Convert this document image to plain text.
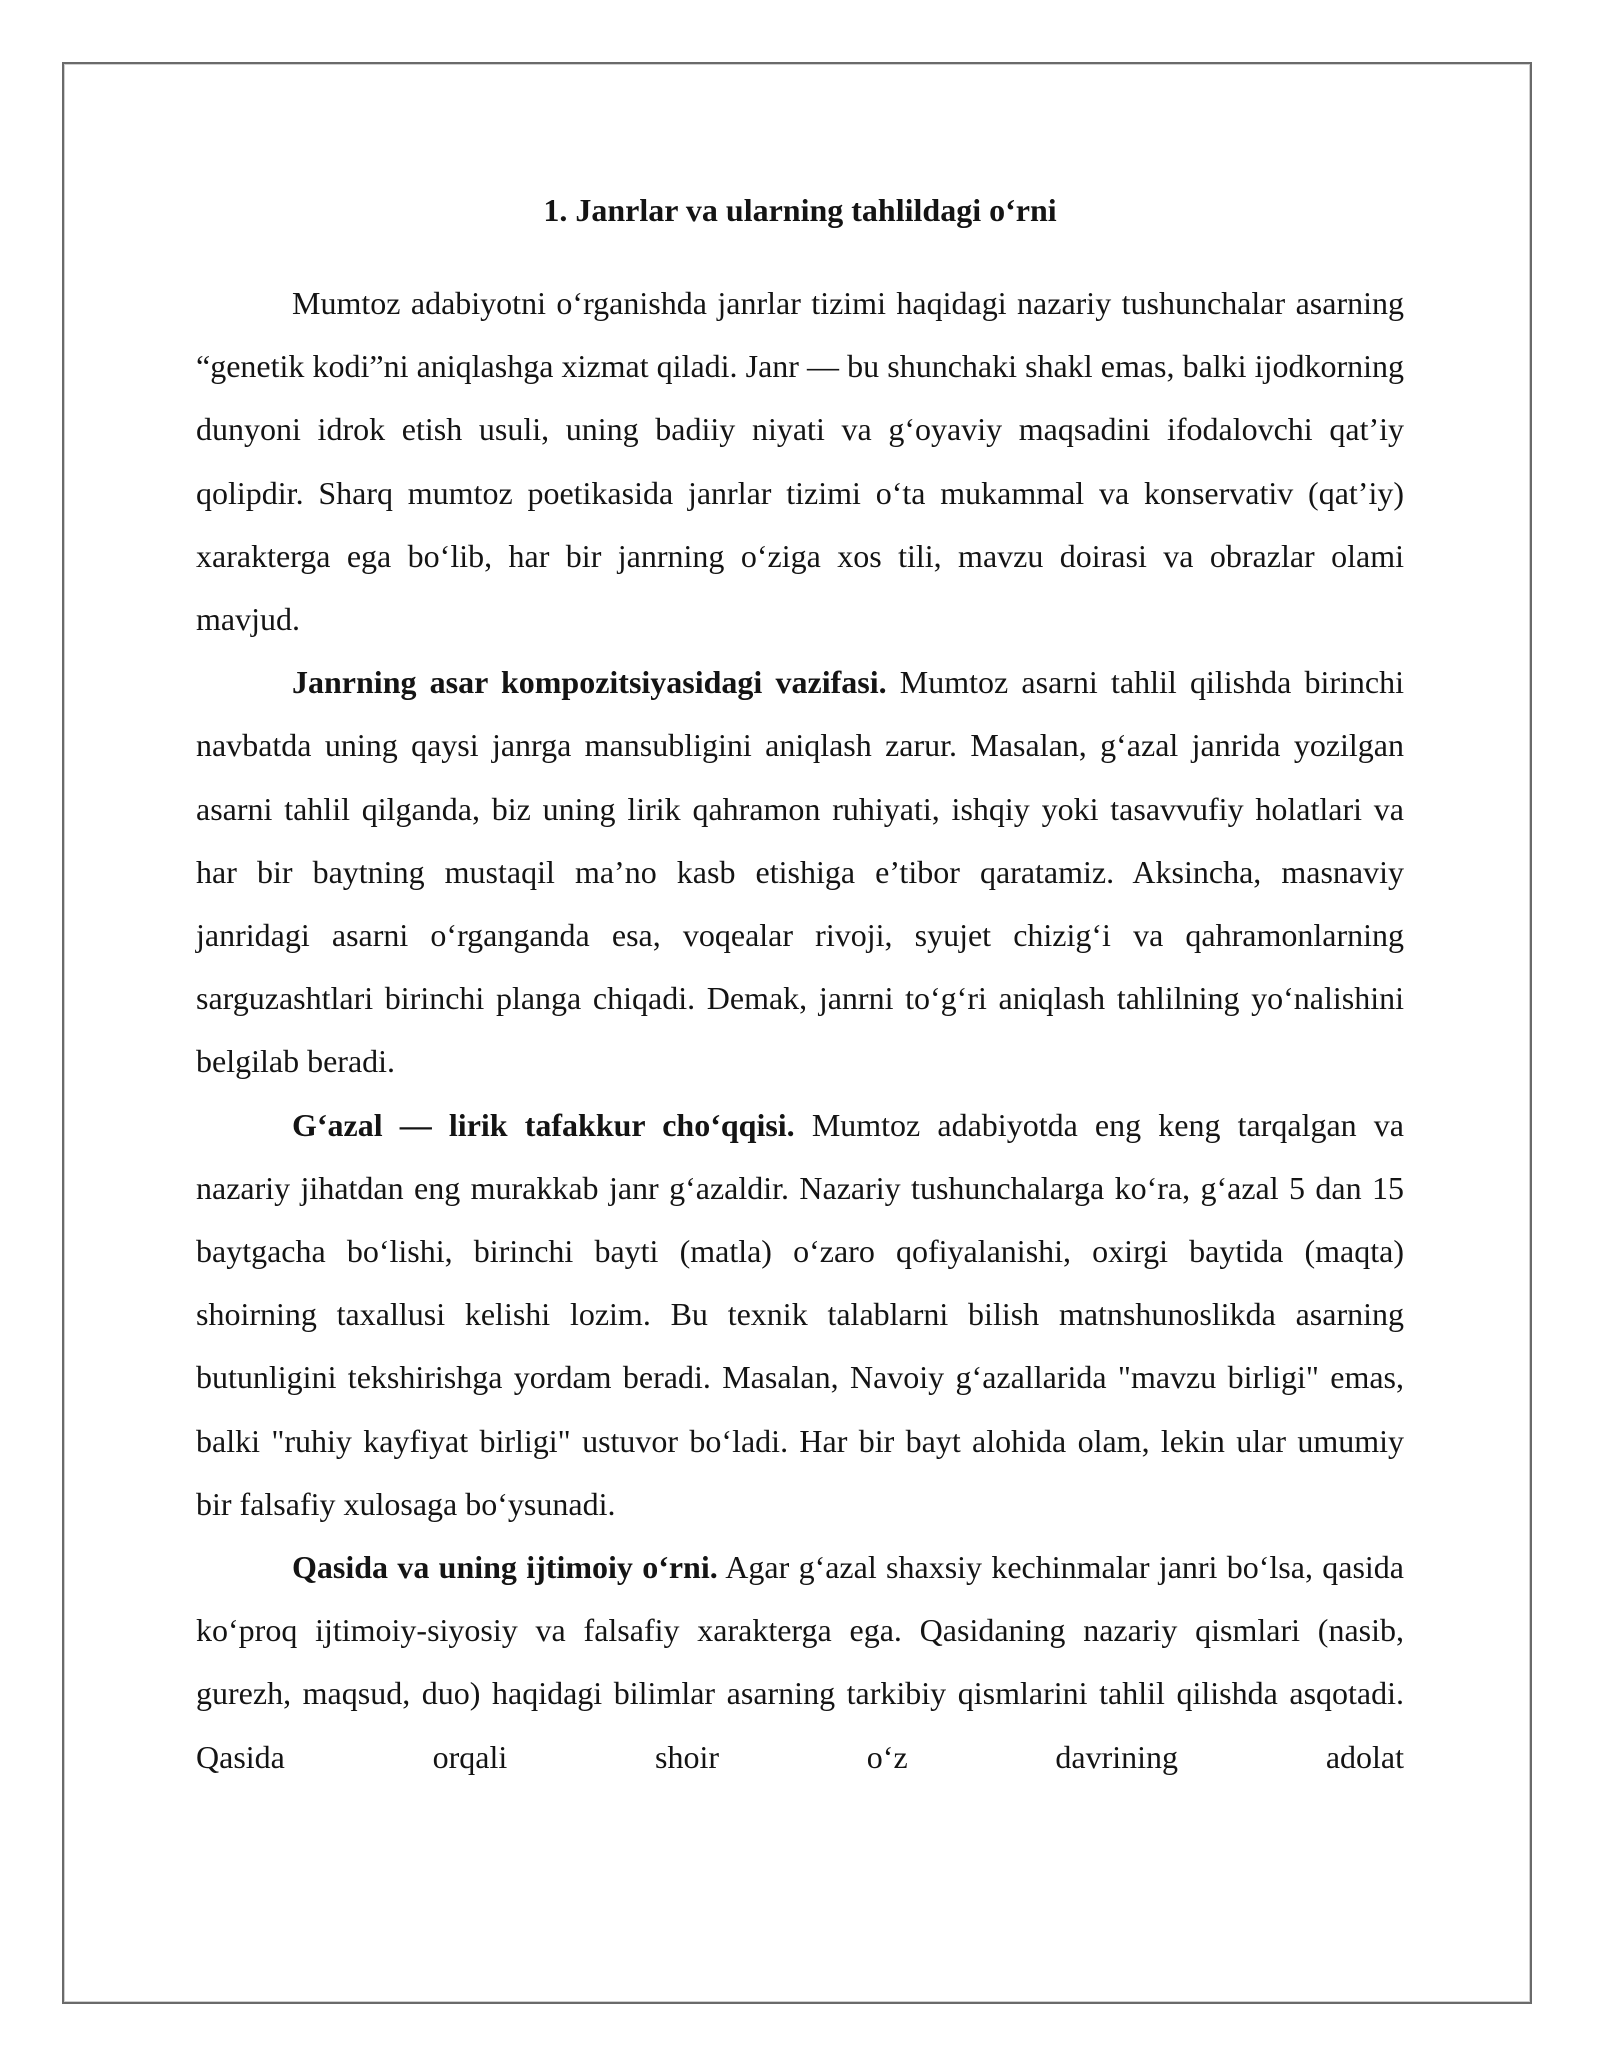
1. Janrlar va ularning tahlildagi o‘rni

Mumtoz adabiyotni o‘rganishda janrlar tizimi haqidagi nazariy tushunchalar asarning “genetik kodi”ni aniqlashga xizmat qiladi. Janr — bu shunchaki shakl emas, balki ijodkorning dunyoni idrok etish usuli, uning badiiy niyati va g‘oyaviy maqsadini ifodalovchi qat’iy qolipdir. Sharq mumtoz poetikasida janrlar tizimi o‘ta mukammal va konservativ (qat’iy) xarakterga ega bo‘lib, har bir janrning o‘ziga xos tili, mavzu doirasi va obrazlar olami mavjud.

Janrning asar kompozitsiyasidagi vazifasi. Mumtoz asarni tahlil qilishda birinchi navbatda uning qaysi janrga mansubligini aniqlash zarur. Masalan, g‘azal janrida yozilgan asarni tahlil qilganda, biz uning lirik qahramon ruhiyati, ishqiy yoki tasavvufiy holatlari va har bir baytning mustaqil ma’no kasb etishiga e’tibor qaratamiz. Aksincha, masnaviy janridagi asarni o‘rganganda esa, voqealar rivoji, syujet chizig‘i va qahramonlarning sarguzashtlari birinchi planga chiqadi. Demak, janrni to‘g‘ri aniqlash tahlilning yo‘nalishini belgilab beradi.

G‘azal — lirik tafakkur cho‘qqisi. Mumtoz adabiyotda eng keng tarqalgan va nazariy jihatdan eng murakkab janr g‘azaldir. Nazariy tushunchalarga ko‘ra, g‘azal 5 dan 15 baytgacha bo‘lishi, birinchi bayti (matla) o‘zaro qofiyalanishi, oxirgi baytida (maqta) shoirning taxallusi kelishi lozim. Bu texnik talablarni bilish matnshunoslikda asarning butunligini tekshirishga yordam beradi. Masalan, Navoiy g‘azallarida "mavzu birligi" emas, balki "ruhiy kayfiyat birligi" ustuvor bo‘ladi. Har bir bayt alohida olam, lekin ular umumiy bir falsafiy xulosaga bo‘ysunadi.

Qasida va uning ijtimoiy o‘rni. Agar g‘azal shaxsiy kechinmalar janri bo‘lsa, qasida ko‘proq ijtimoiy-siyosiy va falsafiy xarakterga ega. Qasidaning nazariy qismlari (nasib, gurezh, maqsud, duo) haqidagi bilimlar asarning tarkibiy qismlarini tahlil qilishda asqotadi. Qasida orqali shoir o‘z davrining adolat
